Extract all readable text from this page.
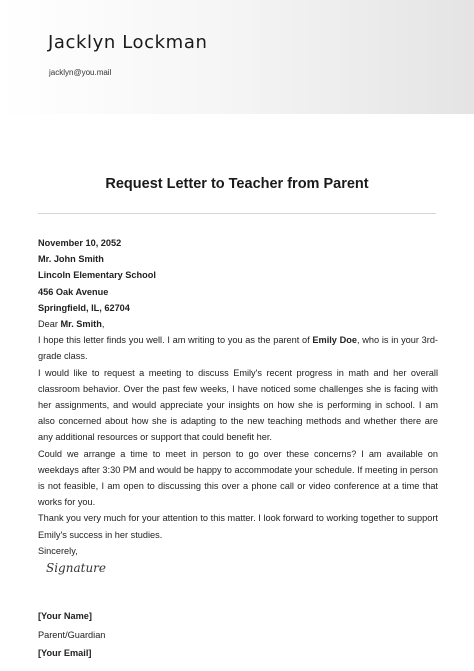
Jacklyn Lockman
jacklyn@you.mail
Request Letter to Teacher from Parent
November 10, 2052
Mr. John Smith
Lincoln Elementary School
456 Oak Avenue
Springfield, IL, 62704
Dear Mr. Smith,
I hope this letter finds you well. I am writing to you as the parent of Emily Doe, who is in your 3rd-grade class.
I would like to request a meeting to discuss Emily's recent progress in math and her overall classroom behavior. Over the past few weeks, I have noticed some challenges she is facing with her assignments, and would appreciate your insights on how she is performing in school. I am also concerned about how she is adapting to the new teaching methods and whether there are any additional resources or support that could benefit her.
Could we arrange a time to meet in person to go over these concerns? I am available on weekdays after 3:30 PM and would be happy to accommodate your schedule. If meeting in person is not feasible, I am open to discussing this over a phone call or video conference at a time that works for you.
Thank you very much for your attention to this matter. I look forward to working together to support Emily's success in her studies.
Sincerely,
Signature
[Your Name]
Parent/Guardian
[Your Email]
